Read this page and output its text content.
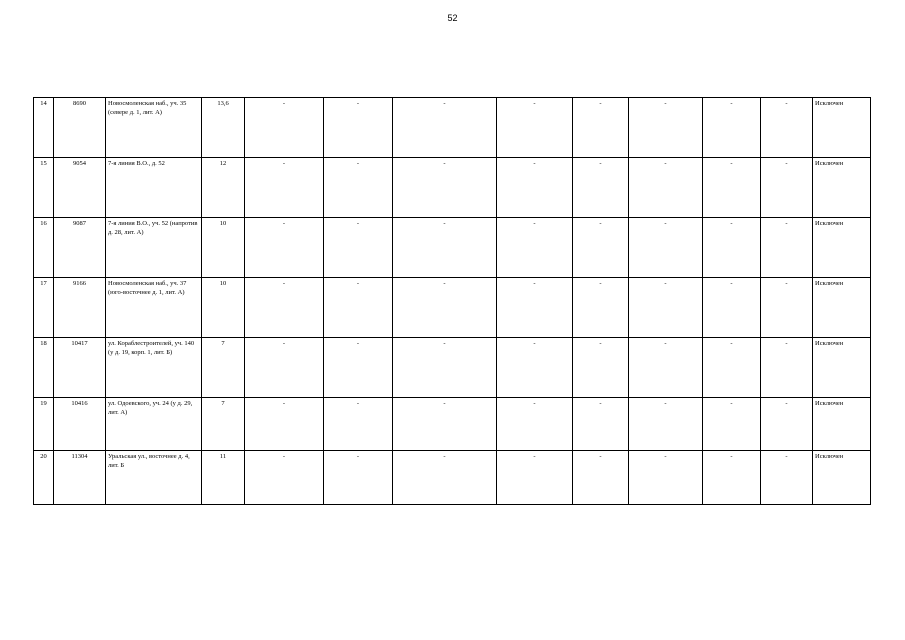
52
14	8690	Новосмоленская наб., уч. 35 (севере д. 1, лит. А)	13,6	-	-	-	-	-	-	-	-	Исключен
15	9054	7-я линия В.О., д. 52	12	-	-	-	-	-	-	-	-	Исключен
16	9087	7-я линия В.О., уч. 52 (напротив д. 28, лит. А)	10	-	-	-	-	-	-	-	-	Исключен
17	9166	Новосмоленская наб., уч. 37 (юго-восточнее д. 1, лит. А)	10	-	-	-	-	-	-	-	-	Исключен
18	10417	ул. Кораблестроителей, уч. 140 (у д. 19, корп. 1, лит. Б)	7	-	-	-	-	-	-	-	-	Исключен
19	10416	ул. Одоевского, уч. 24 (у д. 29, лит. А)	7	-	-	-	-	-	-	-	-	Исключен
20	11304	Уральская ул., восточнее д. 4, лит. Б	11	-	-	-	-	-	-	-	-	Исключен
